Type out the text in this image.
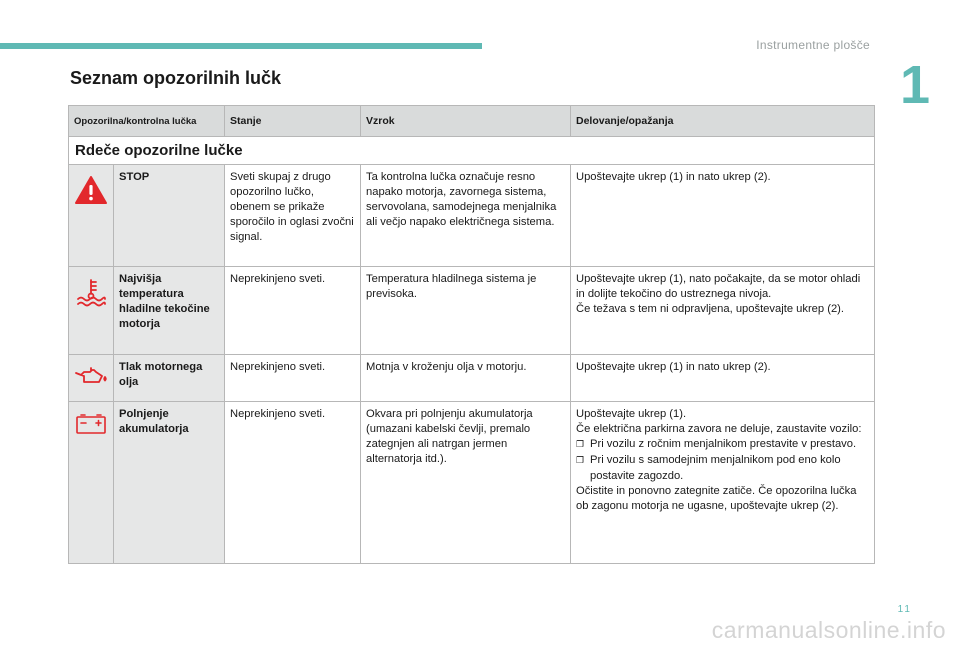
Instrumentne plošče
1
Seznam opozorilnih lučk
Opozorilna/kontrolna lučka		Stanje	Vzrok	Delovanje/opažanja
Rdeče opozorilne lučke				
	STOP	Sveti skupaj z drugo opozorilno lučko, obenem se prikaže sporočilo in oglasi zvočni signal.	Ta kontrolna lučka označuje resno napako motorja, zavornega sistema, servovolana, samodejnega menjalnika ali večjo napako električnega sistema.	Upoštevajte ukrep (1) in nato ukrep (2).
	Najvišja temperatura hladilne tekočine motorja	Neprekinjeno sveti.	Temperatura hladilnega sistema je previsoka.	Upoštevajte ukrep (1), nato počakajte, da se motor ohladi in dolijte tekočino do ustreznega nivoja.
Če težava s tem ni odpravljena, upoštevajte ukrep (2).

	Tlak motornega olja	Neprekinjeno sveti.	Motnja v kroženju olja v motorju.	Upoštevajte ukrep (1) in nato ukrep (2).
	Polnjenje akumulatorja	Neprekinjeno sveti.	Okvara pri polnjenju akumulatorja (umazani kabelski čevlji, premalo zategnjen ali natrgan jermen alternatorja itd.).	Upoštevajte ukrep (1).
Če električna parkirna zavora ne deluje, zaustavite vozilo:
❐ Pri vozilu z ročnim menjalnikom prestavite v prestavo.
❐ Pri vozilu s samodejnim menjalnikom pod eno kolo postavite zagozdo.
Očistite in ponovno zategnite zatiče. Če opozorilna lučka ob zagonu motorja ne ugasne, upoštevajte ukrep (2).
11
carmanualsonline.info
